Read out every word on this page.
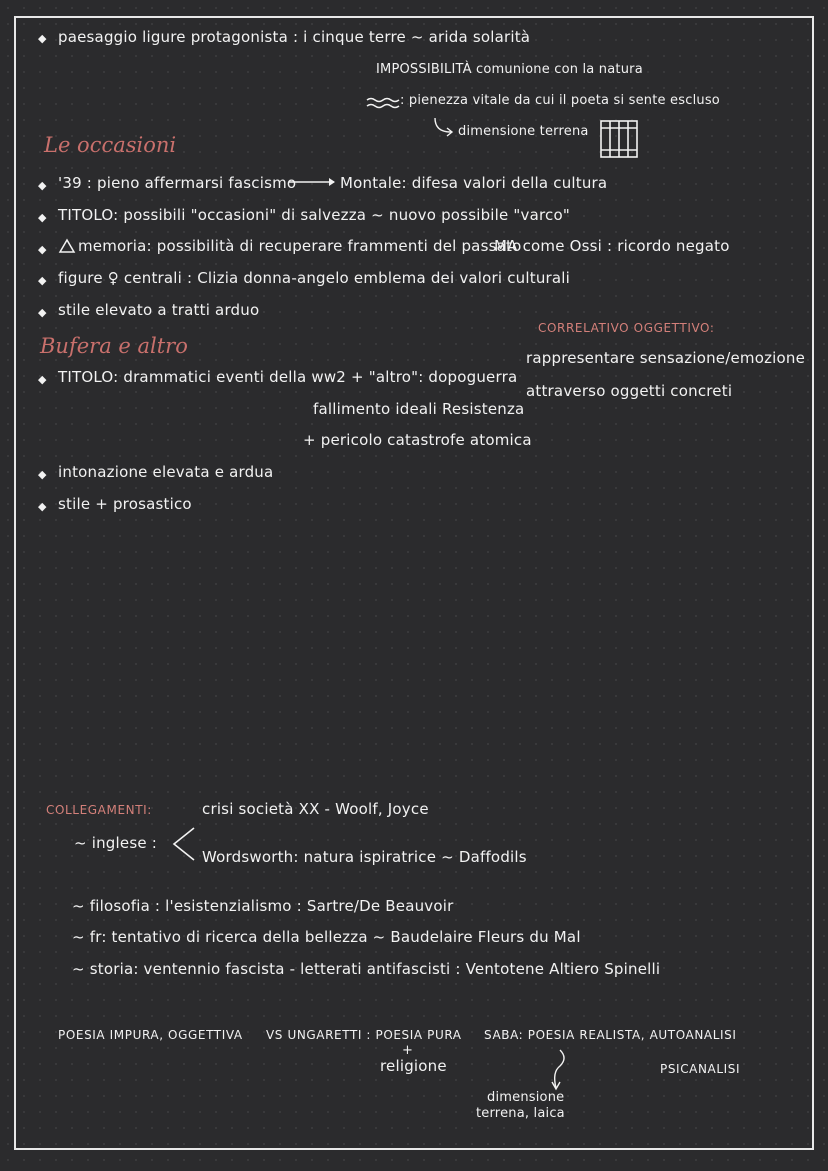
◆ paesaggio ligure protagonista : i cinque terre ~ arida solarità
IMPOSSIBILITÀ comunione con la natura
: pienezza vitale da cui il poeta si sente escluso
dimensione terrena
Le occasioni
◆ '39 : pieno affermarsi fascismo	Montale: difesa valori della cultura
◆ TITOLO: possibili "occasioni" di salvezza ~ nuovo possibile "varco"
◆ memoria: possibilità di recuperare frammenti del passato
MA come Ossi : ricordo negato
◆ figure ♀ centrali : Clizia donna-angelo emblema dei valori culturali
◆ stile elevato a tratti arduo
CORRELATIVO OGGETTIVO:
rappresentare sensazione/emozione
attraverso oggetti concreti
Bufera e altro
◆ TITOLO: drammatici eventi della ww2 + "altro": dopoguerra
fallimento ideali Resistenza
+ pericolo catastrofe atomica
◆ intonazione elevata e ardua
◆ stile + prosastico
COLLEGAMENTI:	crisi società XX - Woolf, Joyce
~ inglese :
Wordsworth: natura ispiratrice ~ Daffodils
~ filosofia : l'esistenzialismo : Sartre/De Beauvoir
~ fr: tentativo di ricerca della bellezza ~ Baudelaire Fleurs du Mal
~ storia: ventennio fascista - letterati antifascisti : Ventotene Altiero Spinelli
POESIA IMPURA, OGGETTIVA VS UNGARETTI : POESIA PURA
+
religione
SABA: POESIA REALISTA, AUTOANALISI
PSICANALISI
dimensione
terrena, laica
